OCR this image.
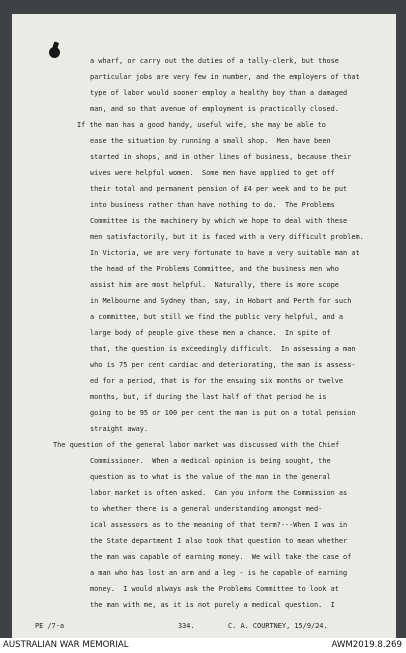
a wharf, or carry out the duties of a tally-clerk, but those
particular jobs are very few in number, and the employers of that
type of labor would sooner employ a healthy boy than a damaged
man, and so that avenue of employment is practically closed.
If the man has a good handy, useful wife, she may be able to
ease the situation by running a small shop.  Men have been
started in shops, and in other lines of business, because their
wives were helpful women.  Some men have applied to get off
their total and permanent pension of £4 per week and to be put
into business rather than have nothing to do.  The Problems
Committee is the machinery by which we hope to deal with these
men satisfactorily, but it is faced with a very difficult problem.
In Victoria, we are very fortunate to have a very suitable man at
the head of the Problems Committee, and the business men who
assist him are most helpful.  Naturally, there is more scope
in Melbourne and Sydney than, say, in Hobart and Perth for such
a committee, but still we find the public very helpful, and a
large body of people give these men a chance.  In spite of
that, the question is exceedingly difficult.  In assessing a man
who is 75 per cent cardiac and deteriorating, the man is assess-
ed for a period, that is for the ensuing six months or twelve
months, but, if during the last half of that period he is
going to be 95 or 100 per cent the man is put on a total pension
straight away.
The question of the general labor market was discussed with the Chief
Commissioner.  When a medical opinion is being sought, the
question as to what is the value of the man in the general
labor market is often asked.  Can you inform the Commission as
to whether there is a general understanding amongst med-
ical assessors as to the meaning of that term?---When I was in
the State department I also took that question to mean whether
the man was capable of earning money.  We will take the case of
a man who has lost an arm and a leg - is he capable of earning
money.  I would always ask the Problems Committee to look at
the man with me, as it is not purely a medical question.  I
PE /7-a	334.	C. A. COURTNEY, 15/9/24.
AUSTRALIAN WAR MEMORIAL	AWM2019.8.269
